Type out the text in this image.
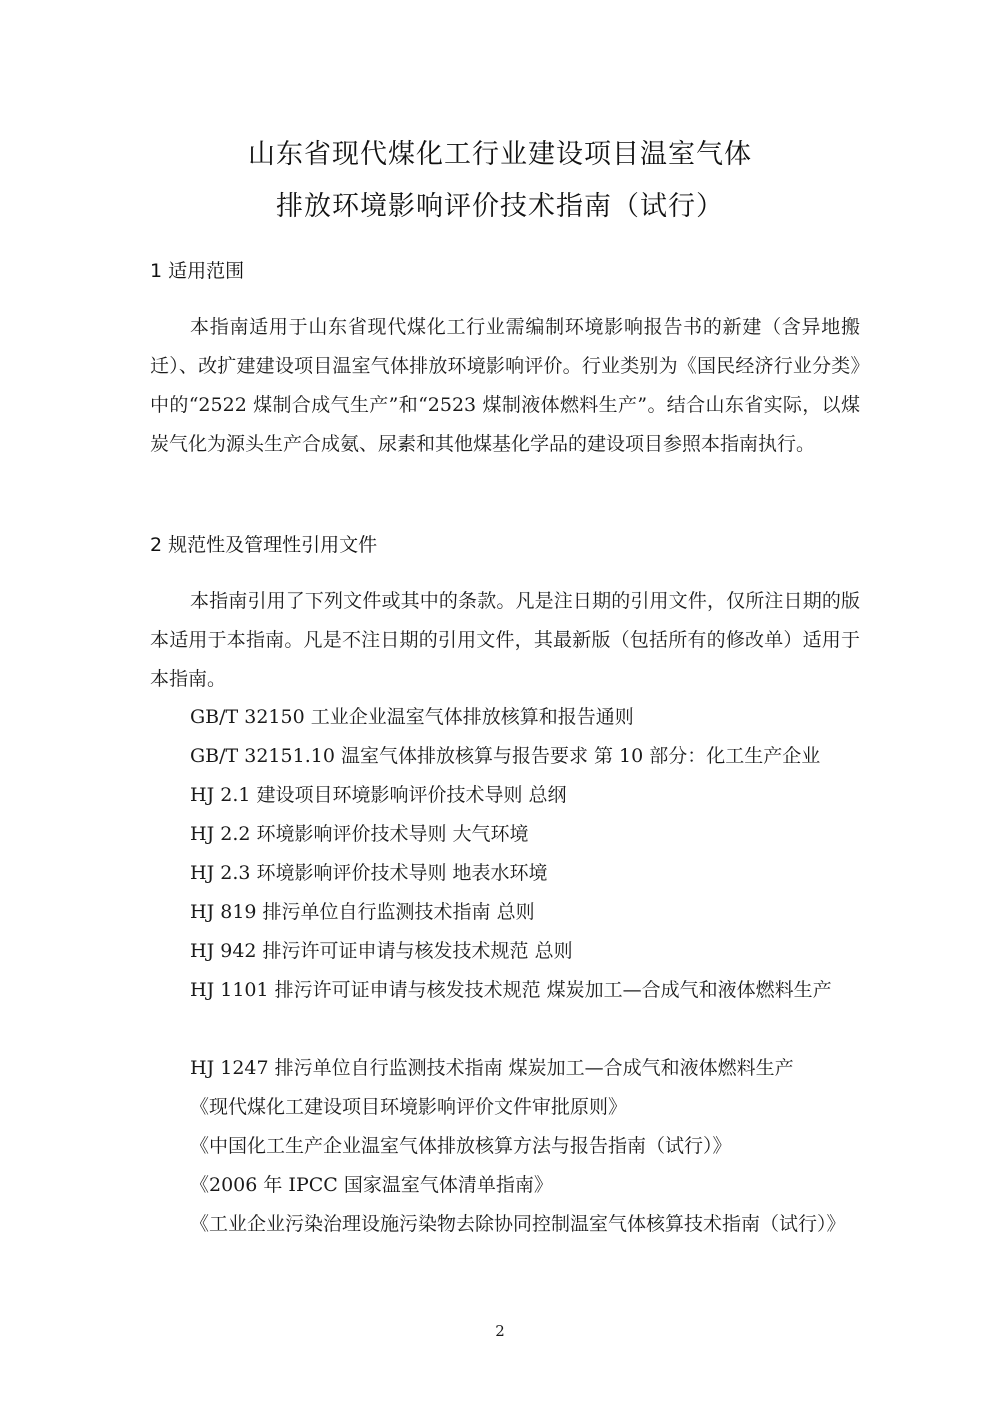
山东省现代煤化工行业建设项目温室气体
排放环境影响评价技术指南（试行）
1 适用范围

本指南适用于山东省现代煤化工行业需编制环境影响报告书的新建（含异地搬迁）、改扩建建设项目温室气体排放环境影响评价。行业类别为《国民经济行业分类》中的“2522 煤制合成气生产”和“2523 煤制液体燃料生产”。结合山东省实际，以煤炭气化为源头生产合成氨、尿素和其他煤基化学品的建设项目参照本指南执行。

2 规范性及管理性引用文件

本指南引用了下列文件或其中的条款。凡是注日期的引用文件，仅所注日期的版本适用于本指南。凡是不注日期的引用文件，其最新版（包括所有的修改单）适用于本指南。

GB/T 32150 工业企业温室气体排放核算和报告通则
GB/T 32151.10 温室气体排放核算与报告要求 第 10 部分：化工生产企业
HJ 2.1 建设项目环境影响评价技术导则 总纲
HJ 2.2 环境影响评价技术导则 大气环境
HJ 2.3 环境影响评价技术导则 地表水环境
HJ 819 排污单位自行监测技术指南 总则
HJ 942 排污许可证申请与核发技术规范 总则

HJ 1101 排污许可证申请与核发技术规范 煤炭加工—合成气和液体燃料生产

HJ 1247 排污单位自行监测技术指南 煤炭加工—合成气和液体燃料生产
《现代煤化工建设项目环境影响评价文件审批原则》
《中国化工生产企业温室气体排放核算方法与报告指南（试行）》
《2006 年 IPCC 国家温室气体清单指南》

《工业企业污染治理设施污染物去除协同控制温室气体核算技术指南（试行）》

2
